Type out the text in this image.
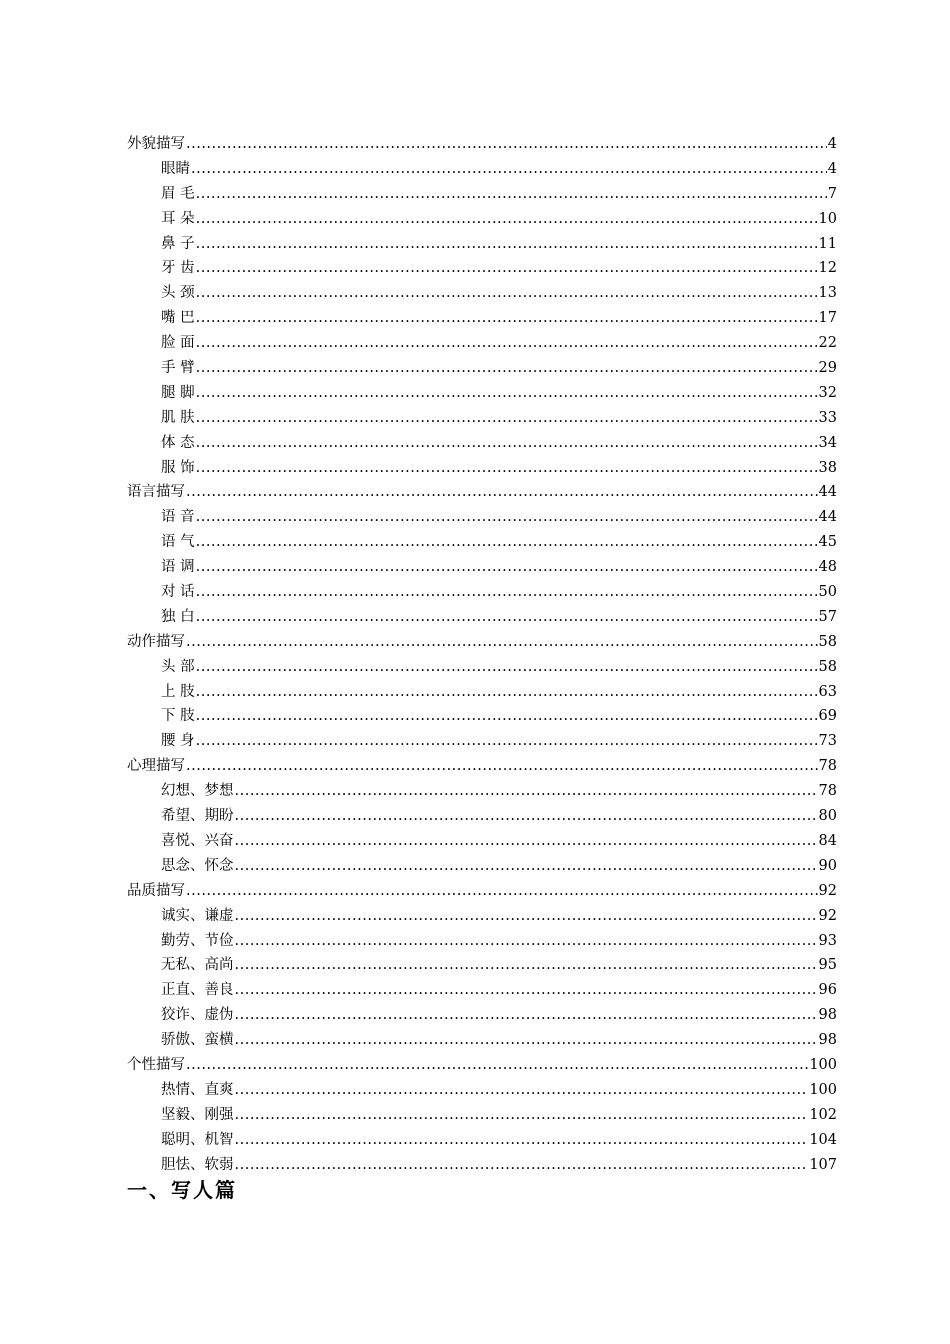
外貌描写 .....	4
眼睛 .....	4
眉 毛 .....	7
耳 朵 .....	10
鼻 子 .....	11
牙 齿 .....	12
头 颈 .....	13
嘴 巴 .....	17
脸 面 .....	22
手 臂 .....	29
腿 脚 .....	32
肌 肤 .....	33
体 态 .....	34
服 饰 .....	38
语言描写 .....	44
语 音 .....	44
语 气 .....	45
语 调 .....	48
对 话 .....	50
独 白 .....	57
动作描写 .....	58
头 部 .....	58
上 肢 .....	63
下 肢 .....	69
腰 身 .....	73
心理描写 .....	78
幻想、梦想 .....	78
希望、期盼 .....	80
喜悦、兴奋 .....	84
思念、怀念 .....	90
品质描写 .....	92
诚实、谦虚 .....	92
勤劳、节俭 .....	93
无私、高尚 .....	95
正直、善良 .....	96
狡诈、虚伪 .....	98
骄傲、蛮横 .....	98
个性描写 .....	100
热情、直爽 .....	100
坚毅、刚强 .....	102
聪明、机智 .....	104
胆怯、软弱 .....	107
一、写人篇
